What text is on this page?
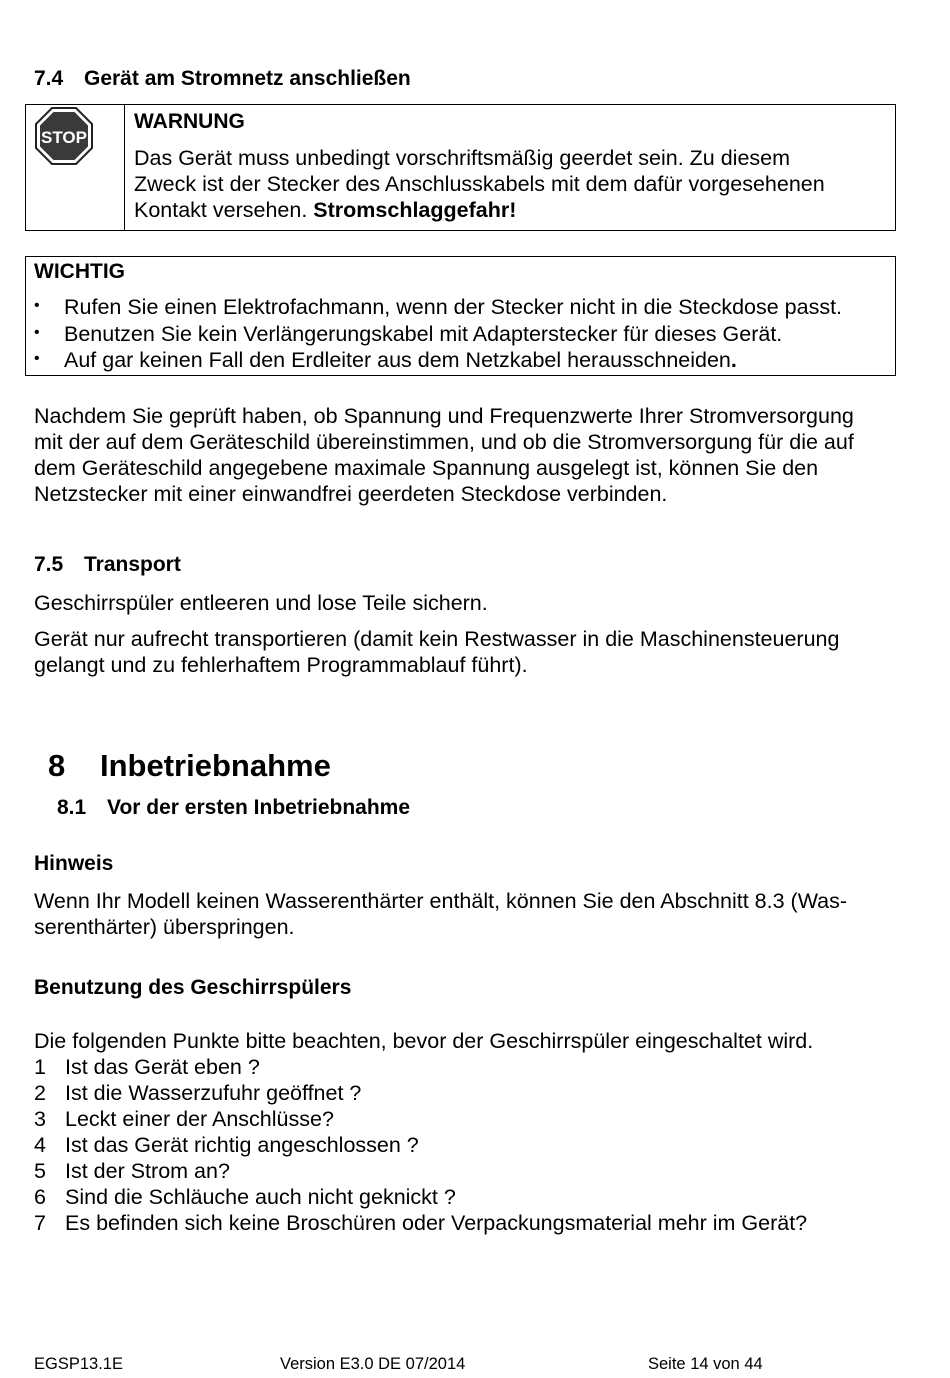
7.4 Gerät am Stromnetz anschließen
STOP
WARNUNG
Das Gerät muss unbedingt vorschriftsmäßig geerdet sein. Zu diesem
Zweck ist der Stecker des Anschlusskabels mit dem dafür vorgesehenen
Kontakt versehen. Stromschlaggefahr!
WICHTIG
• Rufen Sie einen Elektrofachmann, wenn der Stecker nicht in die Steckdose passt.
• Benutzen Sie kein Verlängerungskabel mit Adapterstecker für dieses Gerät.
• Auf gar keinen Fall den Erdleiter aus dem Netzkabel herausschneiden.
Nachdem Sie geprüft haben, ob Spannung und Frequenzwerte Ihrer Stromversorgung
mit der auf dem Geräteschild übereinstimmen, und ob die Stromversorgung für die auf
dem Geräteschild angegebene maximale Spannung ausgelegt ist, können Sie den
Netzstecker mit einer einwandfrei geerdeten Steckdose verbinden.
7.5 Transport
Geschirrspüler entleeren und lose Teile sichern.
Gerät nur aufrecht transportieren (damit kein Restwasser in die Maschinensteuerung
gelangt und zu fehlerhaftem Programmablauf führt).
8 Inbetriebnahme
8.1 Vor der ersten Inbetriebnahme
Hinweis
Wenn Ihr Modell keinen Wasserenthärter enthält, können Sie den Abschnitt 8.3 (Was-
serenthärter) überspringen.
Benutzung des Geschirrspülers
Die folgenden Punkte bitte beachten, bevor der Geschirrspüler eingeschaltet wird.
1 Ist das Gerät eben ?
2 Ist die Wasserzufuhr geöffnet ?
3 Leckt einer der Anschlüsse?
4 Ist das Gerät richtig angeschlossen ?
5 Ist der Strom an?
6 Sind die Schläuche auch nicht geknickt ?
7 Es befinden sich keine Broschüren oder Verpackungsmaterial mehr im Gerät?
EGSP13.1E	Version E3.0 DE 07/2014	Seite 14 von 44
